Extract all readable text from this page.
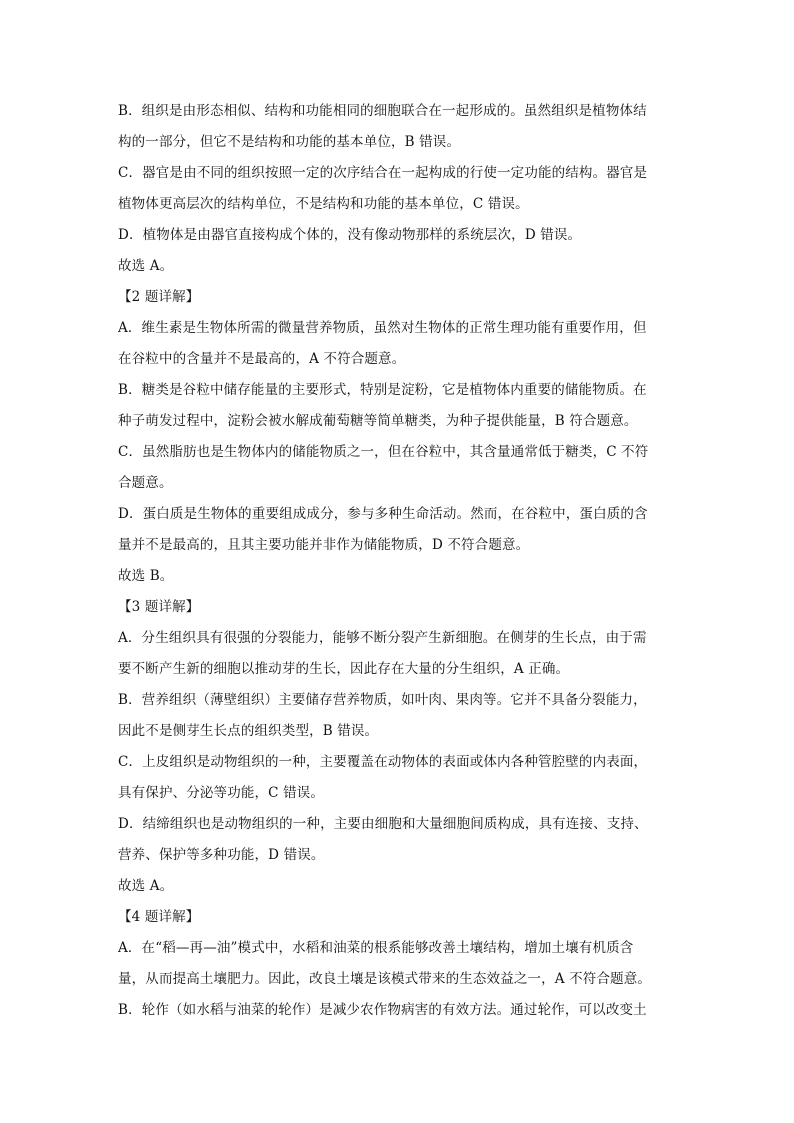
B．组织是由形态相似、结构和功能相同的细胞联合在一起形成的。虽然组织是植物体结
构的一部分，但它不是结构和功能的基本单位，B 错误。
C．器官是由不同的组织按照一定的次序结合在一起构成的行使一定功能的结构。器官是
植物体更高层次的结构单位，不是结构和功能的基本单位，C 错误。
D．植物体是由器官直接构成个体的，没有像动物那样的系统层次，D 错误。
故选 A。
【2 题详解】
A．维生素是生物体所需的微量营养物质，虽然对生物体的正常生理功能有重要作用，但
在谷粒中的含量并不是最高的，A 不符合题意。
B．糖类是谷粒中储存能量的主要形式，特别是淀粉，它是植物体内重要的储能物质。在
种子萌发过程中，淀粉会被水解成葡萄糖等简单糖类，为种子提供能量，B 符合题意。
C．虽然脂肪也是生物体内的储能物质之一，但在谷粒中，其含量通常低于糖类，C 不符
合题意。
D．蛋白质是生物体的重要组成成分，参与多种生命活动。然而，在谷粒中，蛋白质的含
量并不是最高的，且其主要功能并非作为储能物质，D 不符合题意。
故选 B。
【3 题详解】
A．分生组织具有很强的分裂能力，能够不断分裂产生新细胞。在侧芽的生长点，由于需
要不断产生新的细胞以推动芽的生长，因此存在大量的分生组织，A 正确。
B．营养组织（薄壁组织）主要储存营养物质，如叶肉、果肉等。它并不具备分裂能力，
因此不是侧芽生长点的组织类型，B 错误。
C．上皮组织是动物组织的一种，主要覆盖在动物体的表面或体内各种管腔壁的内表面，
具有保护、分泌等功能，C 错误。
D．结缔组织也是动物组织的一种，主要由细胞和大量细胞间质构成，具有连接、支持、
营养、保护等多种功能，D 错误。
故选 A。
【4 题详解】
A．在“稻—再—油”模式中，水稻和油菜的根系能够改善土壤结构，增加土壤有机质含
量，从而提高土壤肥力。因此，改良土壤是该模式带来的生态效益之一，A 不符合题意。
B．轮作（如水稻与油菜的轮作）是减少农作物病害的有效方法。通过轮作，可以改变土
